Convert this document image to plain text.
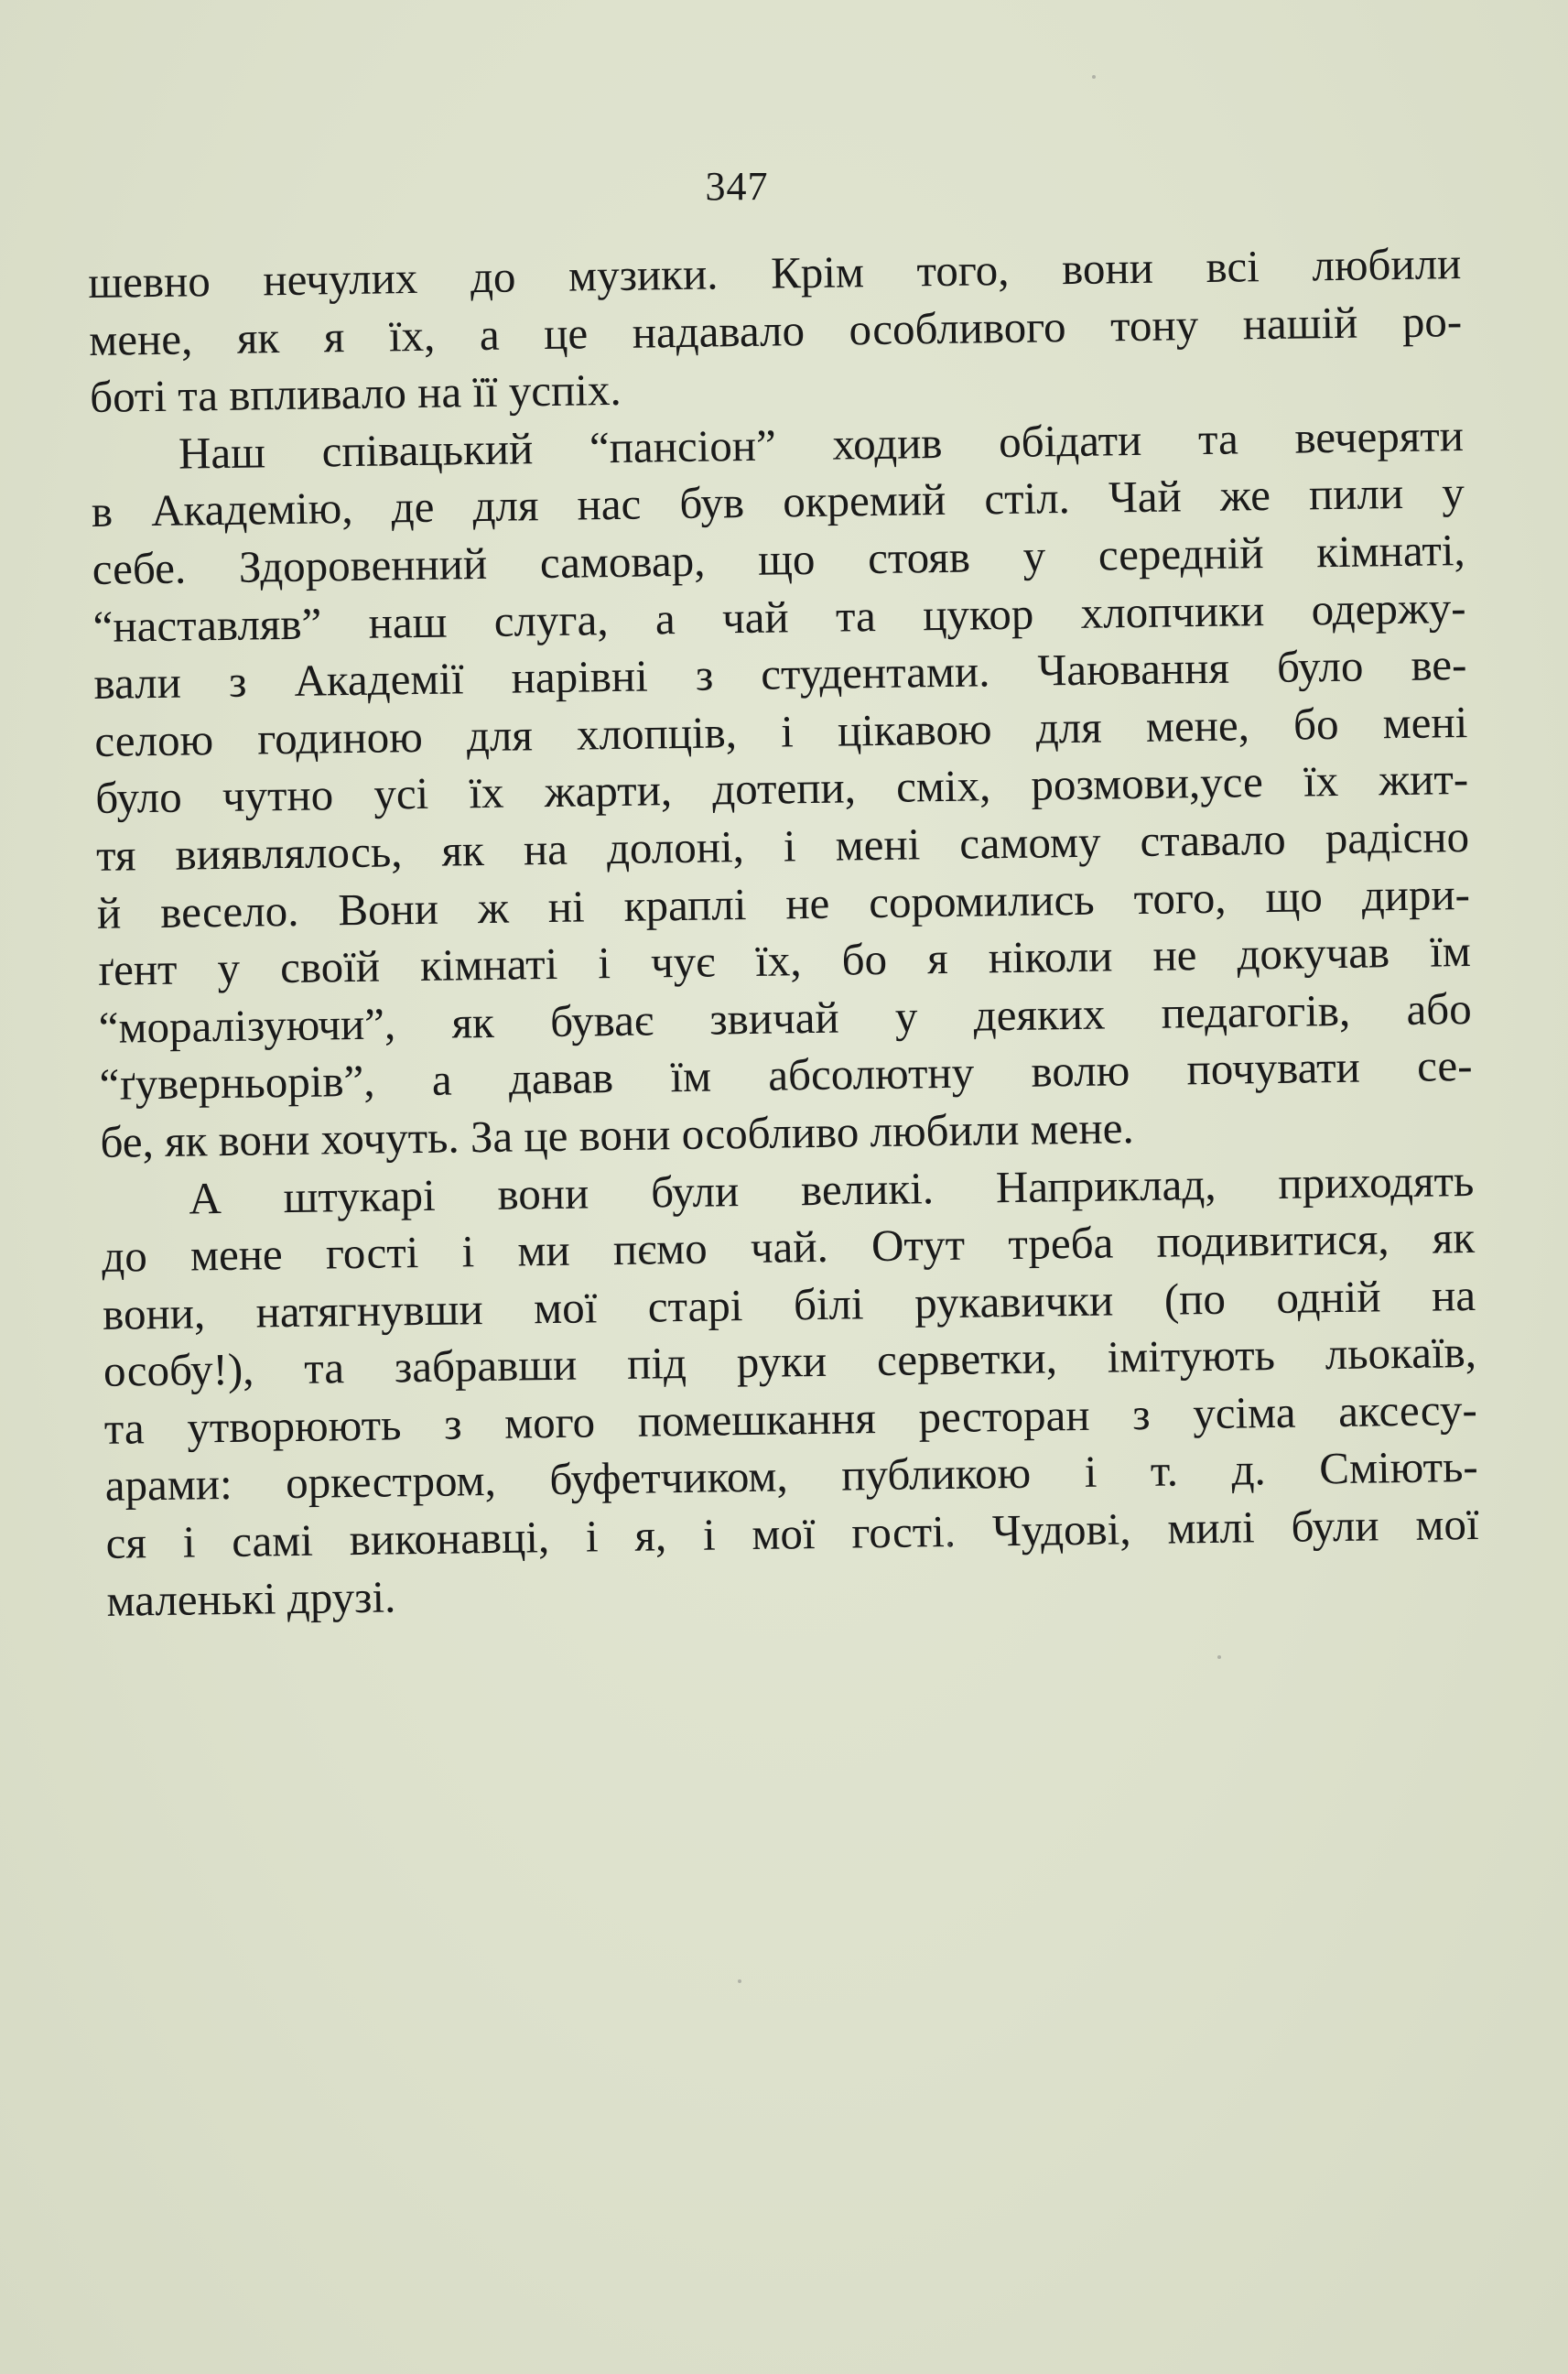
347
шевно нечулих до музики. Крім того, вони всі любили
мене, як я їх, а це надавало особливого тону нашій ро-
боті та впливало на її успіх.
Наш співацький “пансіон” ходив обідати та вечеряти
в Академію, де для нас був окремий стіл. Чай же пили у
себе. Здоровенний самовар, що стояв у середній кімнаті,
“наставляв” наш слуга, а чай та цукор хлопчики одержу-
вали з Академії нарівні з студентами. Чаювання було ве-
селою годиною для хлопців, і цікавою для мене, бо мені
було чутно усі їх жарти, дотепи, сміх, розмови,усе їх жит-
тя виявлялось, як на долоні, і мені самому ставало радісно
й весело. Вони ж ні краплі не соромились того, що дири-
ґент у своїй кімнаті і чує їх, бо я ніколи не докучав їм
“моралізуючи”, як буває звичай у деяких педагогів, або
“ґуверньорів”, а давав їм абсолютну волю почувати се-
бе, як вони хочуть. За це вони особливо любили мене.
А штукарі вони були великі. Наприклад, приходять
до мене гості і ми пємо чай. Отут треба подивитися, як
вони, натягнувши мої старі білі рукавички (по одній на
особу!), та забравши під руки серветки, імітують льокаїв,
та утворюють з мого помешкання ресторан з усіма аксесу-
арами: оркестром, буфетчиком, публикою і т. д. Сміють-
ся і самі виконавці, і я, і мої гості. Чудові, милі були мої
маленькі друзі.
